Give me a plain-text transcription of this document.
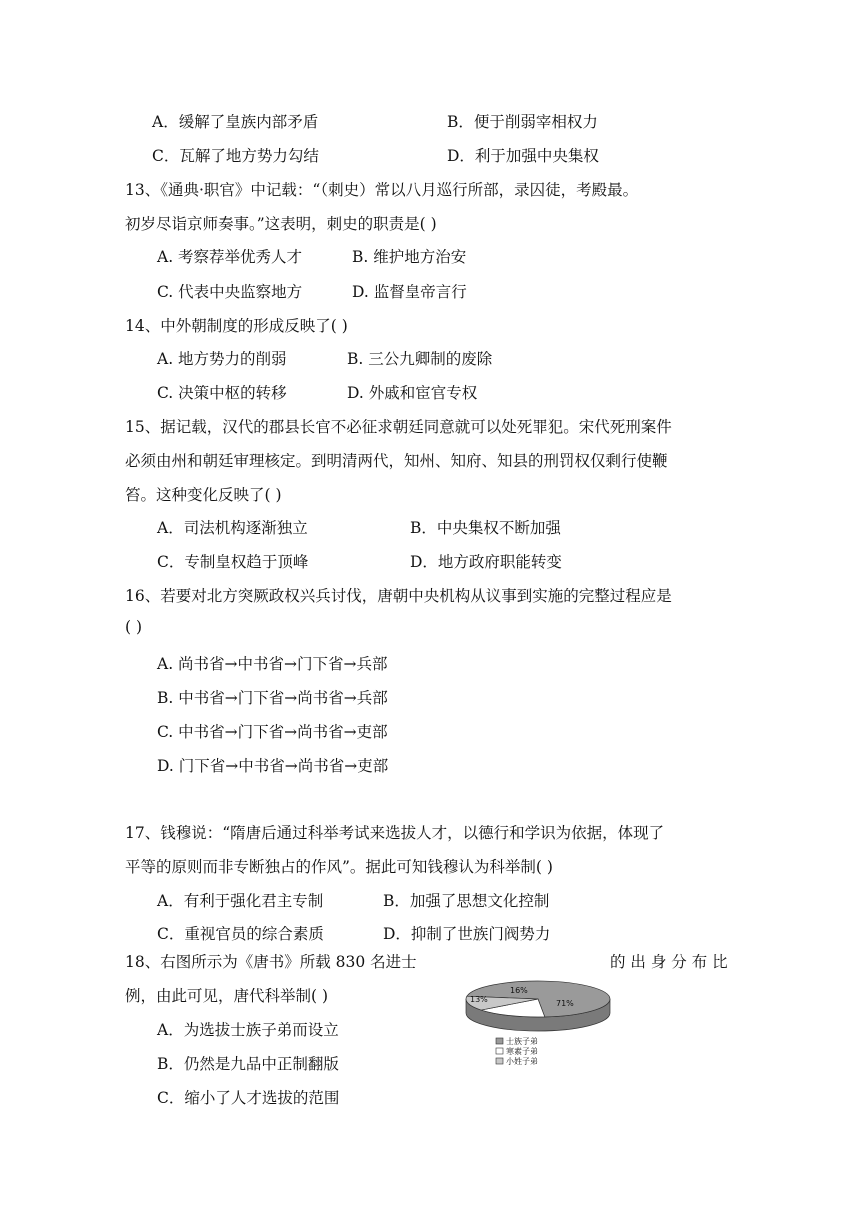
A．缓解了皇族内部矛盾	B．便于削弱宰相权力
C．瓦解了地方势力勾结	D．利于加强中央集权
13、《通典·职官》中记载：“（刺史）常以八月巡行所部，录囚徒，考殿最。
初岁尽诣京师奏事。”这表明，刺史的职责是( )
A. 考察荐举优秀人才	B. 维护地方治安
C. 代表中央监察地方	D. 监督皇帝言行
14、中外朝制度的形成反映了( )
A. 地方势力的削弱	B. 三公九卿制的废除
C. 决策中枢的转移	D. 外戚和宦官专权
15、据记载，汉代的郡县长官不必征求朝廷同意就可以处死罪犯。宋代死刑案件
必须由州和朝廷审理核定。到明清两代，知州、知府、知县的刑罚权仅剩行使鞭
笞。这种变化反映了( )
A．司法机构逐渐独立	B．中央集权不断加强
C．专制皇权趋于顶峰	D．地方政府职能转变
16、若要对北方突厥政权兴兵讨伐，唐朝中央机构从议事到实施的完整过程应是
( )
A. 尚书省→中书省→门下省→兵部
B. 中书省→门下省→尚书省→兵部
C. 中书省→门下省→尚书省→吏部
D. 门下省→中书省→尚书省→吏部
17、钱穆说：“隋唐后通过科举考试来选拔人才，以德行和学识为依据，体现了
平等的原则而非专断独占的作风”。据此可知钱穆认为科举制( )
A．有利于强化君主专制	B．加强了思想文化控制
C．重视官员的综合素质	D．抑制了世族门阀势力
18、右图所示为《唐书》所载 830 名进士	的 出 身 分 布 比
例，由此可见，唐代科举制( )
A．为选拔士族子弟而设立
B．仍然是九品中正制翻版
C．缩小了人才选拔的范围
71%
16%
13%
士族子弟
寒素子弟
小姓子弟
